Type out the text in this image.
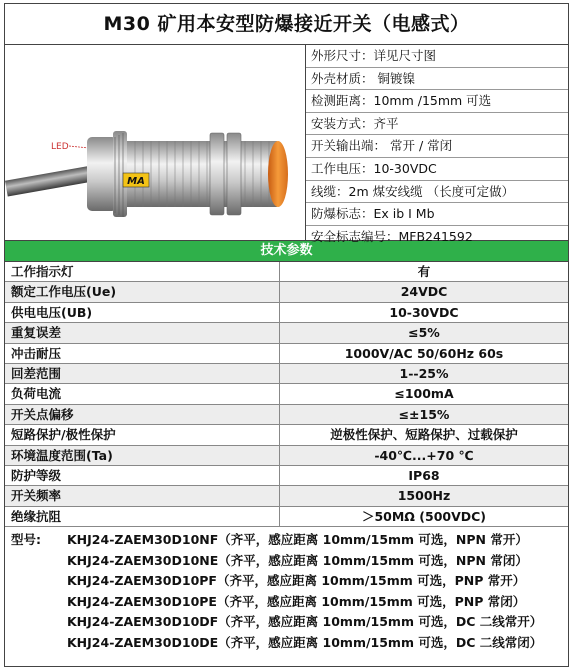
M30 矿用本安型防爆接近开关（电感式）
LED
MA
外形尺寸：详见尺寸图
外壳材质： 铜镀镍
检测距离：10mm /15mm 可选
安装方式：齐平
开关输出端： 常开 / 常闭
工作电压：10-30VDC
线缆：2m 煤安线缆 （长度可定做）
防爆标志：Ex ib I Mb
安全标志编号：MFB241592
技术参数
工作指示灯	有
额定工作电压(Ue)	24VDC
供电电压(UB)	10-30VDC
重复误差	≤5%
冲击耐压	1000V/AC 50/60Hz 60s
回差范围	1--25%
负荷电流	≤100mA
开关点偏移	≤±15%
短路保护/极性保护	逆极性保护、短路保护、过载保护
环境温度范围(Ta)	-40℃...+70 ℃
防护等级	IP68
开关频率	1500Hz
绝缘抗阻	＞50MΩ (500VDC)
型号: KHJ24-ZAEM30D10NF（齐平，感应距离 10mm/15mm 可选，NPN 常开）
KHJ24-ZAEM30D10NE（齐平，感应距离 10mm/15mm 可选，NPN 常闭）
KHJ24-ZAEM30D10PF（齐平，感应距离 10mm/15mm 可选，PNP 常开）
KHJ24-ZAEM30D10PE（齐平，感应距离 10mm/15mm 可选，PNP 常闭）
KHJ24-ZAEM30D10DF（齐平，感应距离 10mm/15mm 可选，DC 二线常开）
KHJ24-ZAEM30D10DE（齐平，感应距离 10mm/15mm 可选，DC 二线常闭）
